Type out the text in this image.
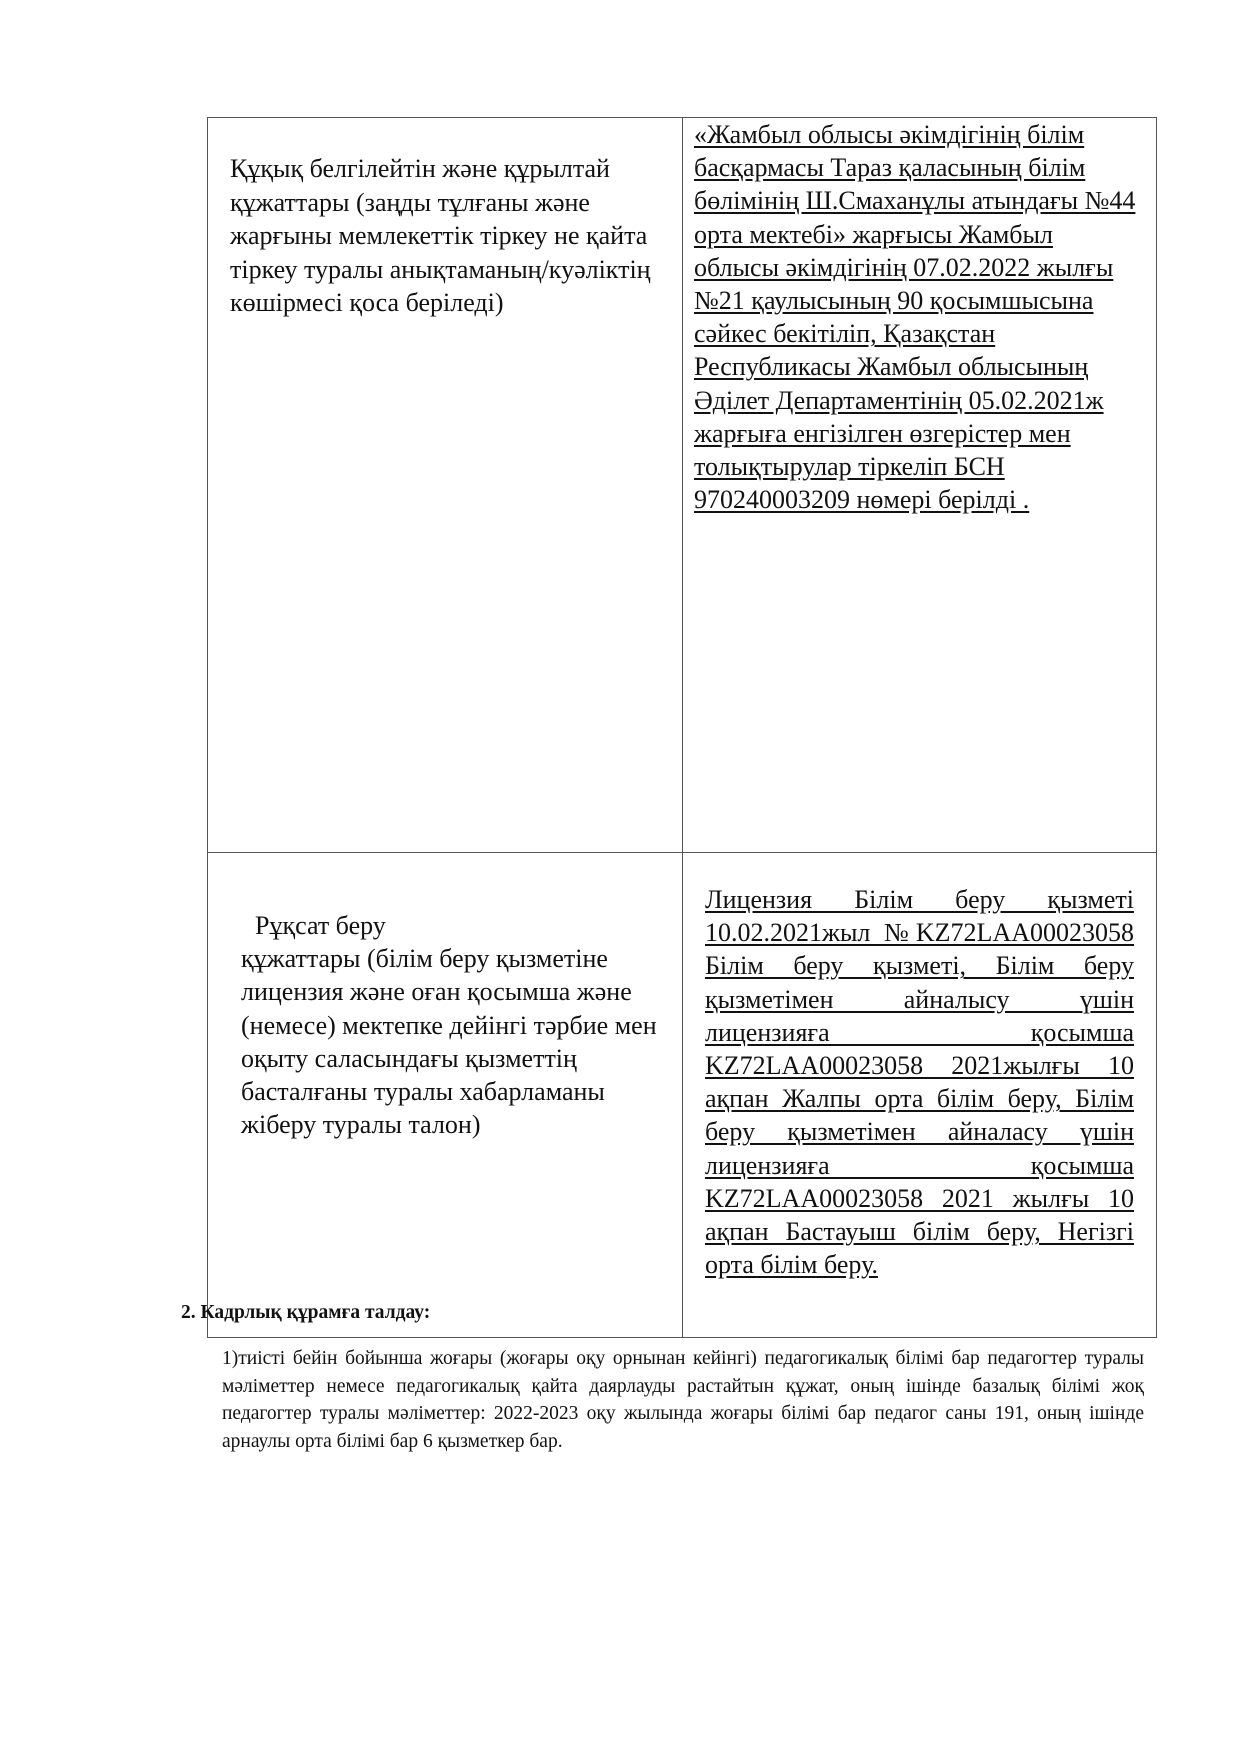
Құқық белгілейтін және құрылтай құжаттары (заңды тұлғаны және жарғыны мемлекеттік тіркеу не қайта тіркеу туралы анықтаманың/куәліктің көшірмесі қоса беріледі)	«Жамбыл облысы әкімдігінің білім басқармасы Тараз қаласының білім бөлімінің Ш.Смаханұлы атындағы №44 орта мектебі» жарғысы Жамбыл облысы әкімдігінің 07.02.2022 жылғы №21 қаулысының 90 қосымшысына сәйкес бекітіліп, Қазақстан Республикасы Жамбыл облысының Әділет Департаментінің 05.02.2021ж жарғыға енгізілген өзгерістер мен толықтырулар тіркеліп БСН 970240003209 нөмері берілді .

Рұқсат беру
құжаттары (білім беру қызметіне лицензия және оған қосымша және (немесе) мектепке дейінгі тәрбие мен оқыту саласындағы қызметтің басталғаны туралы хабарламаны жіберу туралы талон)	Лицензия Білім беру қызметі 10.02.2021жыл №KZ72LAA00023058 Білім беру қызметі, Білім беру қызметімен айналысу үшін лицензияға қосымша KZ72LAA00023058 2021жылғы 10 ақпан Жалпы орта білім беру, Білім беру қызметімен айналасу үшін лицензияға қосымша KZ72LAA00023058 2021 жылғы 10 ақпан Бастауыш білім беру, Негізгі орта білім беру.

2. Кадрлық құрамға талдау:

1)тиісті бейін бойынша жоғары (жоғары оқу орнынан кейінгі) педагогикалық білімі бар педагогтер туралы мәліметтер немесе педагогикалық қайта даярлауды растайтын құжат, оның ішінде базалық білімі жоқ педагогтер туралы мәліметтер: 2022-2023 оқу жылында жоғары білімі бар педагог саны 191, оның ішінде арнаулы орта білімі бар 6 қызметкер бар.
